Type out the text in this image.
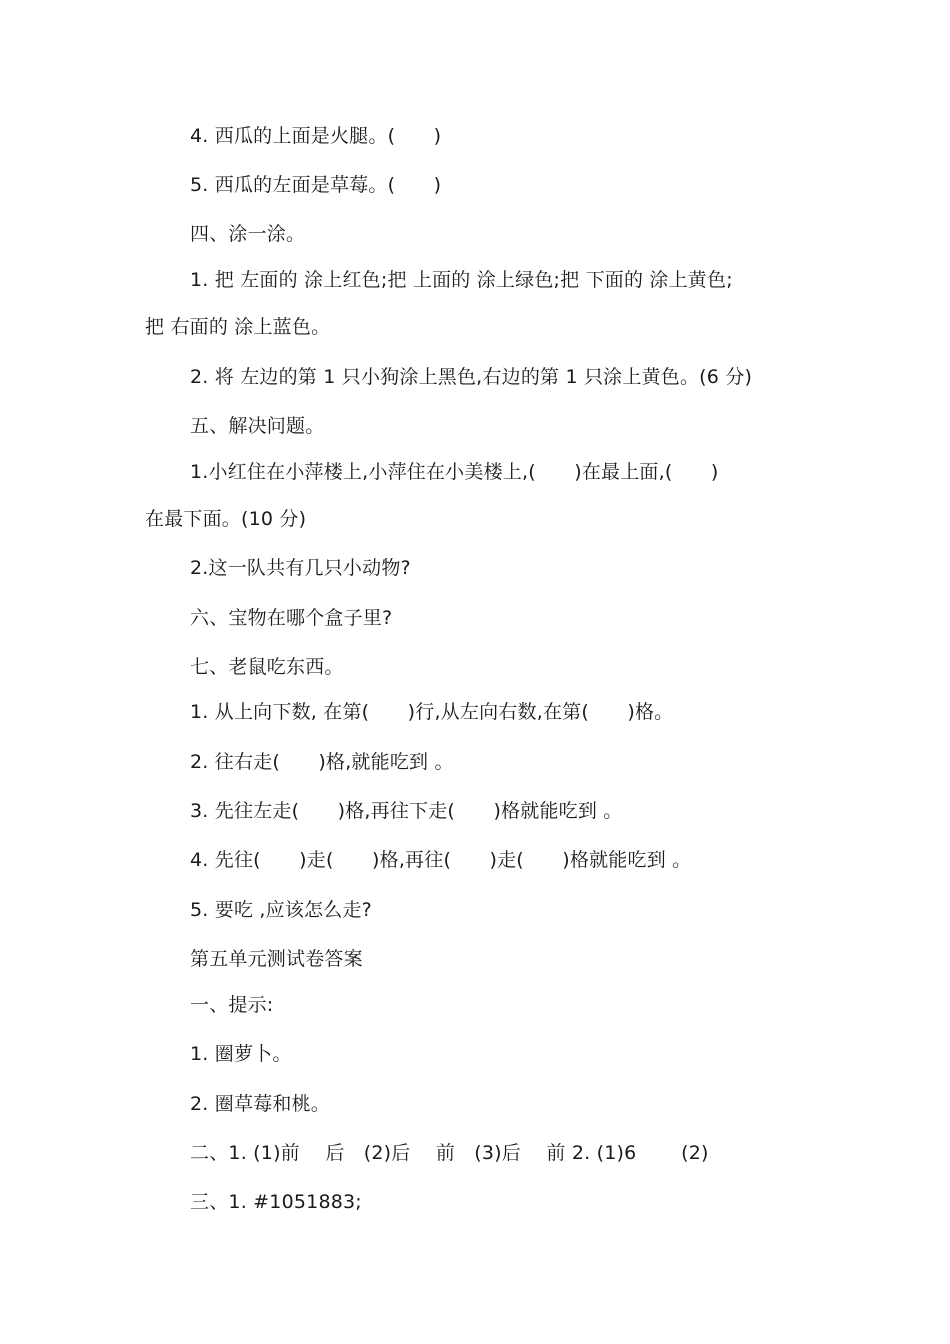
4. 西瓜的上面是火腿。(　　)
5. 西瓜的左面是草莓。(　　)
四、涂一涂。
1. 把 左面的 涂上红色;把 上面的 涂上绿色;把 下面的 涂上黄色;
把 右面的 涂上蓝色。
2. 将 左边的第 1 只小狗涂上黑色,右边的第 1 只涂上黄色。(6 分)
五、解决问题。
1.小红住在小萍楼上,小萍住在小美楼上,(　　)在最上面,(　　)
在最下面。(10 分)
2.这一队共有几只小动物?
六、宝物在哪个盒子里?
七、老鼠吃东西。
1. 从上向下数, 在第(　　)行,从左向右数,在第(　　)格。
2. 往右走(　　)格,就能吃到 。
3. 先往左走(　　)格,再往下走(　　)格就能吃到 。
4. 先往(　　)走(　　)格,再往(　　)走(　　)格就能吃到 。
5. 要吃 ,应该怎么走?
第五单元测试卷答案
一、提示:
1. 圈萝卜。
2. 圈草莓和桃。
二、1. (1)前　 后　(2)后　 前　(3)后　 前 2. (1)6　　 (2)
三、1. #1051883;
